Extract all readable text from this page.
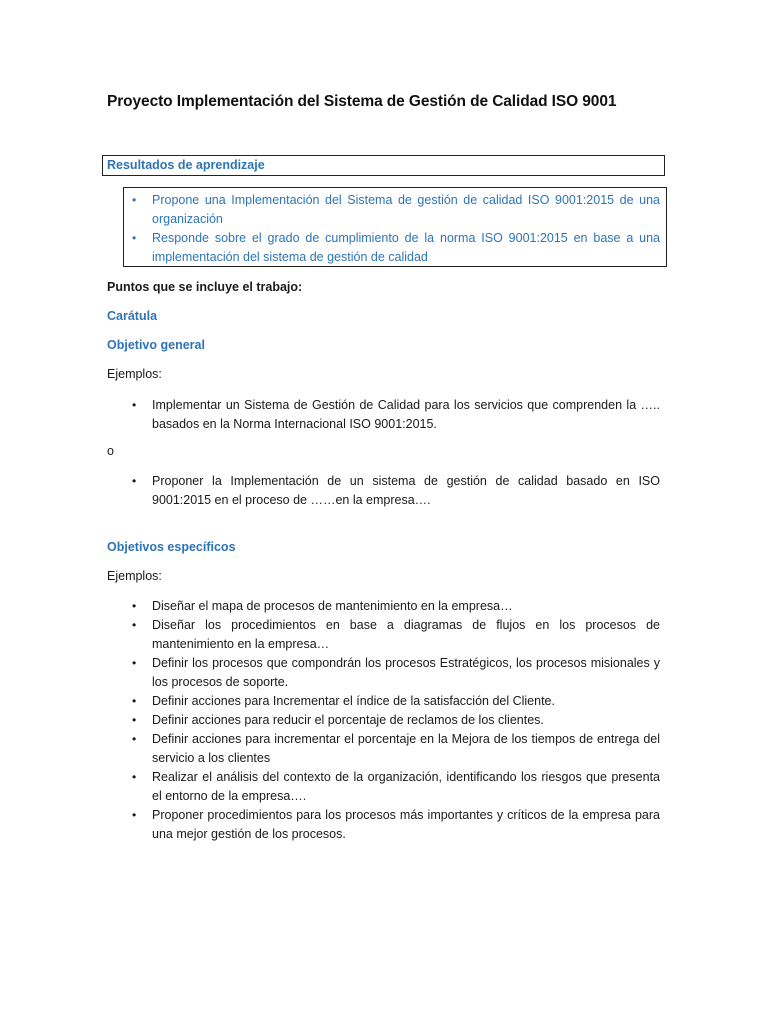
Proyecto Implementación del Sistema de Gestión de Calidad ISO 9001
Resultados de aprendizaje
• Propone una Implementación del Sistema de gestión de calidad ISO 9001:2015 de una organización
• Responde sobre el grado de cumplimiento de la norma ISO 9001:2015 en base a una implementación del sistema de gestión de calidad

Puntos que se incluye el trabajo:

Carátula

Objetivo general

Ejemplos:

• Implementar un Sistema de Gestión de Calidad para los servicios que comprenden la ….. basados en la Norma Internacional ISO 9001:2015.

o

• Proponer la Implementación de un sistema de gestión de calidad basado en ISO 9001:2015 en el proceso de ……en la empresa….

Objetivos específicos

Ejemplos:

• Diseñar el mapa de procesos de mantenimiento en la empresa…
• Diseñar los procedimientos en base a diagramas de flujos en los procesos de mantenimiento en la empresa…
• Definir los procesos que compondrán los procesos Estratégicos, los procesos misionales y los procesos de soporte.
• Definir acciones para Incrementar el índice de la satisfacción del Cliente.
• Definir acciones para reducir el porcentaje de reclamos de los clientes.
• Definir acciones para incrementar el porcentaje en la Mejora de los tiempos de entrega del servicio a los clientes
• Realizar el análisis del contexto de la organización, identificando los riesgos que presenta el entorno de la empresa….
• Proponer procedimientos para los procesos más importantes y críticos de la empresa para una mejor gestión de los procesos.
